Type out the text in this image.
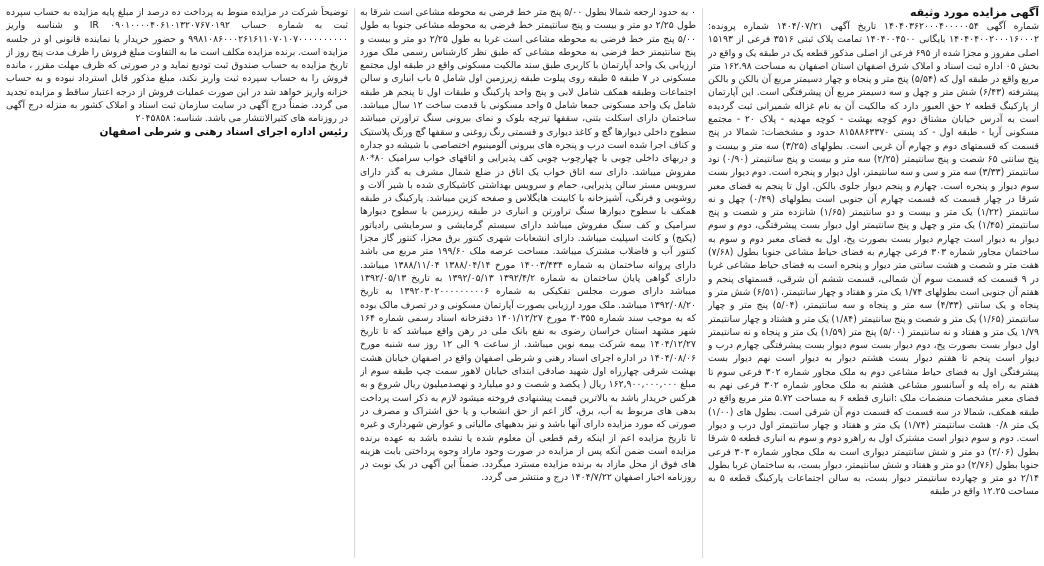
آگهی مزایده مورد وثیقه

شماره آگهی ۱۴۰۴۰۳۶۲۰۰۰۴۰۰۰۰۰۵۴ تاریخ آگهی ۱۴۰۴/۰۷/۲۱ شماره پرونده: ۱۴۰۴۰۴۰۰۲۰۰۰۱۶۰۰۰۲ بایگانی ۱۴۰۴۰۰۴۵۰۰ تمامت پلاک ثبتی ۳۵۱۶ فرعی از ۱۵۱۹۳ اصلی مفروز و مجزا شده از ۶۹۵ فرعی از اصلی مذکور قطعه یک در طبقه یک و واقع در بخش ۰۵ اداره ثبت اسناد و املاک شرق اصفهان استان اصفهان به مساحت ۱۶۲.۹۸ متر مربع واقع در طبقه اول که (۵/۵۴) پنج متر و پنجاه و چهار دسیمتر مربع آن بالکن و بالکن پیشرفته (۶/۴۳) شش متر و چهل و سه دسیمتر مربع آن پیشرفتگی است. این آپارتمان از پارکینگ قطعه ۲ حق العبور دارد که مالکیت آن به نام غزاله شمیرانی ثبت گردیده است به آدرس خیابان مشتاق دوم کوچه بهشت - کوچه مهدیه - پلاک ۲۰ - مجتمع مسکونی آریا - طبقه اول - کد پستی ۸۱۵۸۸۶۳۳۷۰ حدود و مشخصات: شمالا در پنج قسمت که قسمتهای دوم و چهارم آن غربی است. بطولهای (۳/۲۵) سه متر و بیست و پنج سانتی ۶۵ شصت و پنج سانتیمتر (۲/۲۵) سه متر و بیست و پنج سانتیمتر (۰/۹۰) نود سانتیمتر (۳/۳۳) سه متر و سی و سه سانتیمتر، اول دیوار و پنجره است. دوم دیوار بست سوم دیوار و پنجره است. چهارم و پنجم دیوار جلوی بالکن. اول تا پنجم به فضای معبر شرقا در چهار قسمت که قسمت چهارم آن جنوبی است بطولهای (۰/۴۹) چهل و نه سانتیمتر (۱/۲۲) یک متر و بیست و دو سانتیمتر (۱/۶۵) شانزده متر و شصت و پنج سانتیمتر (۱/۴۵) یک متر و چهل و پنج سانتیمتر اول دیوار بست پیشرفتگی، دوم و سوم دیوار به دیوار است چهارم دیوار بست بصورت پخ، اول به فضای معبر دوم و سوم به ساختمان مجاور شماره ۳۰۳ فرعی چهارم به فضای حیاط مشاعی جنوبا بطول (۷/۶۸) هفت متر و شصت و هشت سانتی متر دیوار و پنجره است به فضای حیاط مشاعی غربا در ۹ قسمت که قسمت سوم آن شمالی، قسمت ششم آن شرقی، قسمتهای پنجم و هفتم آن جنوبی است بطولهای ۱/۷۴ یک متر و هفتاد و چهار سانتیمتر، (۶/۵۱) شش متر و پنجاه و یک سانتی (۴/۳۳) سه متر و پنجاه و سه سانتیمتر، (۵/۰۴) پنج متر و چهار سانتیمتر (۱/۶۵) یک متر و شصت و پنج سانتیمتر (۱/۸۴) یک متر و هشتاد و چهار سانتیمتر ۱/۷۹ یک متر و هفتاد و نه سانتیمتر (۵/۰۰) پنج متر (۱/۵۹) یک متر و پنجاه و نه سانتیمتر اول دیوار بست بصورت پخ، دوم دیوار بست سوم دیوار بست پیشرفتگی چهارم درب و دیوار است پنجم تا هفتم دیوار بست هشتم دیوار به دیوار است نهم دیوار بست پیشرفتگی اول به فضای حیاط مشاعی دوم به ملک مجاور شماره ۳۰۲ فرعی سوم تا هفتم به راه پله و آسانسور مشاعی هشتم به ملک مجاور شماره ۳۰۲ فرعی نهم به فضای معبر مشخصات منضمات ملک :انباری قطعه ۶ به مساحت ۵.۷۲ متر مربع واقع در طبقه همکف، شمالا در سه قسمت که قسمت دوم آن شرقی است. بطول های (۱/۰۰) یک متر ۰/۸ هشت سانتیمتر (۱/۷۴) یک متر و هفتاد و چهار سانتیمتر اول درب و دیوار است. دوم و سوم دیوار است مشترک اول به راهرو دوم و سوم به انباری قطعه ۵ شرقا بطول (۲/۰۶) دو متر و شش سانتیمتر دیواری است به ملک مجاور شماره ۳۰۳ فرعی جنوبا بطول (۲/۷۶) دو متر و هفتاد و شش سانتیمتر، دیوار بست، به ساختمان غربا بطول ۲/۱۴ دو متر و چهارده سانتیمتر دیوار بست، به سالن اجتماعات پارکینگ قطعه ۵ به مساحت ۱۲.۲۵ واقع در طبقه

۰ به حدود ارجعه شمالا بطول ۵/۰۰ پنج متر خط فرضی به محوطه مشاعی است شرقا به طول ۲/۲۵ دو متر و بیست و پنج سانتیمتر خط فرضی به محوطه مشاعی جنوبا به طول ۵/۰۰ پنج متر خط فرضی به محوطه مشاعی است غربا به طول ۲/۲۵ دو متر و بیست و پنج سانتیمتر خط فرضی به محوطه مشاعی که طبق نظر کارشناس رسمی ملک مورد ارزیابی یک واحد آپارتمان با کاربری طبق سند مالکیت مسکونی واقع در طبقه اول مجتمع مسکونی در ۷ طبقه ۵ طبقه روی پیلوت طبقه زیرزمین اول شامل ۵ باب انباری و سالن اجتماعات وطبقه همکف شامل لابی و پنج واحد پارکینگ و طبقات اول تا پنجم هر طبقه شامل یک واحد مسکونی جمعا شامل ۵ واحد مسکونی با قدمت ساخت ۱۲ سال میباشد. ساختمان دارای اسکلت بتنی، سقفها تیرچه بلوک و نمای بیرونی سنگ تراورتن میباشد سطوح داخلی دیوارها گچ و کاغذ دیواری و قسمتی رنگ روغنی و سقفها گچ ورنگ پلاستیک و کناف اجرا شده است درب و پنجره های بیرونی آلومینیوم اختصاصی با شیشه دو جداره و دربهای داخلی چوبی با چهارچوب چوبی کف پذیرایی و اتاقهای خواب سرامیک ۸۰*۸۰ مفروش میباشد. دارای سه اتاق خواب یک اتاق در ضلع شمال مشرف به گذر دارای سرویس مستر سالن پذیرایی، حمام و سرویس بهداشتی کاشیکاری شده با شیر آلات و روشویی و فرنگی، آشپزخانه با کابینت هایگلاس و صفحه کزین میباشد. پارکینگ در طبقه همکف با سطوح دیوارها سنگ تراورتن و انباری در طبقه زیرزمین با سطوح دیوارها سرامیک و کف سنگ مفروش میباشد دارای سیستم گرمایشی و سرمایشی رادیاتور (پکیج) و کانت اسپلیت میباشد. دارای انشعابات شهری کنتور برق مجزا، کنتور گاز مجزا کنتور آب و فاضلاب مشترک میباشد. مساحت عرصه ملک ۱۹۹/۶۰ متر مربع می باشد دارای پروانه ساختمان به شماره ۱۴۰۰۳/۴۳۴ مورخ ۱۳۸۸/۰۴/۱۴ ۱۳۸۸/۱۱/۰۴ میباشد. دارای گواهی پایان ساختمان به شماره ۱۳۹۲/۴/۲ ۱۳۹۲/۰۵/۱۳ به تاریخ ۱۳۹۲/۰۵/۱۳ میباشد دارای صورت مجلس تفکیکی به شماره ۱۳۹۲۰۳۰۲۰۰۰۰۰۰۰۰۰۶ به تاریخ ۱۳۹۲/۰۸/۲۰ میباشد. ملک مورد ارزیابی بصورت آپارتمان مسکونی و در تصرف مالک بوده که به موجب سند شماره ۳۰۳۵۵ مورخ ۱۴۰۱/۱۲/۲۷ دفترخانه اسناد رسمی شماره ۱۶۴ شهر مشهد استان خراسان رضوی به نفع بانک ملی در رهن واقع میباشد که تا تاریخ ۱۴۰۴/۱۲/۲۷ بیمه شرکت بیمه نوین میباشد. از ساعت ۹ الی ۱۲ روز سه شنبه مورخ ۱۴۰۴/۰۸/۰۶ در اداره اجرای اسناد رهنی و شرطی اصفهان واقع در اصفهان خیابان هشت بهشت شرقی چهارراه اول شهید صادقی ابتدای خیابان لاهور سمت چپ طبقه سوم از مبلغ ۱۶۲,۹۰۰,۰۰۰,۰۰۰ ریال ( یکصد و شصت و دو میلیارد و نهصدمیلیون ریال شروع و به هرکس خریدار باشد به بالاترین قیمت پیشنهادی فروخته میشود لازم به ذکر است پرداخت بدهی های مربوط به آب، برق، گاز اعم از حق انشعاب و یا حق اشتراک و مصرف در صورتی که مورد مزایده دارای آنها باشد و نیز بدهیهای مالیاتی و عوارض شهرداری و غیره تا تاریخ مزایده اعم از اینکه رقم قطعی آن معلوم شده یا نشده باشد به عهده برنده مزایده است ضمن آنکه پس از مزایده در صورت وجود مازاد وجوه پرداختی بابت هزینه های فوق از محل مازاد به برنده مزایده مسترد میگردد. ضمناً این آگهی در یک نوبت در روزنامه اخبار اصفهان ۱۴۰۴/۷/۲۲ درج و منتشر می گردد.

توضیحاً شرکت در مزایده منوط به پرداخت ده درصد از مبلغ پایه مزایده به حساب سپرده ثبت به شماره حساب ۰۹۰۱۰۰۰۰۴۰۶۱۰۱۳۲۰۷۶۷۰۱۹۲ IR و شناسه واریز ۹۹۸۱۰۸۶۰۰۰۲۶۱۶۱۱۰۷۰۱۰۷۰۰۰۰۰۰۰۰۰۰ و حضور خریدار یا نماینده قانونی او در جلسه مزایده است. برنده مزایده مکلف است ما به التفاوت مبلغ فروش را ظرف مدت پنج روز از تاریخ مزایده به حساب صندوق ثبت تودیع نماید و در صورتی که ظرف مهلت مقرر ، مانده فروش را به حساب سپرده ثبت واریز نکند، مبلغ مذکور قابل استرداد نبوده و به حساب خزانه واریز خواهد شد در این صورت عملیات فروش از درجه اعتبار ساقط و مزایده تجدید می گردد. ضمناً درج آگهی در سایت سازمان ثبت اسناد و املاک کشور به منزله درج آگهی در روزنامه های کثیرالانتشار می باشد. شناسه: ۲۰۴۵۸۵۸

رئیس اداره اجرای اسناد رهنی و شرطی اصفهان
